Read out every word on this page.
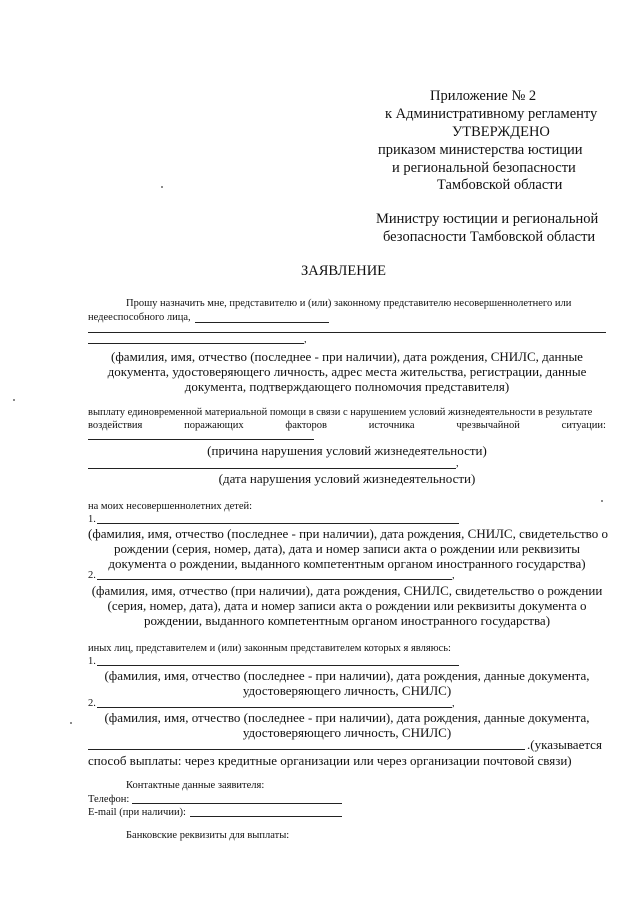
Приложение № 2
к Административному регламенту
УТВЕРЖДЕНО
приказом министерства юстиции
и региональной безопасности
Тамбовской области
Министру юстиции и региональной
безопасности Тамбовской области
ЗАЯВЛЕНИЕ
Прошу назначить мне, представителю и (или) законному представителю несовершеннолетнего или
недееспособного лица,
,
(фамилия, имя, отчество (последнее - при наличии), дата рождения, СНИЛС, данные
документа, удостоверяющего личность, адрес места жительства, регистрации, данные
документа, подтверждающего полномочия представителя)
выплату единовременной материальной помощи в связи с нарушением условий жизнедеятельности в результате
воздействия	поражающих	факторов	источника	чрезвычайной	ситуации:
(причина нарушения условий жизнедеятельности)
,
(дата нарушения условий жизнедеятельности)
на моих несовершеннолетних детей:
1.
(фамилия, имя, отчество (последнее - при наличии), дата рождения, СНИЛС, свидетельство о
рождении (серия, номер, дата), дата и номер записи акта о рождении или реквизиты
документа о рождении, выданного компетентным органом иностранного государства)
2.	,
(фамилия, имя, отчество (при наличии), дата рождения, СНИЛС, свидетельство о рождении
(серия, номер, дата), дата и номер записи акта о рождении или реквизиты документа о
рождении, выданного компетентным органом иностранного государства)
иных лиц, представителем и (или) законным представителем которых я являюсь:
1.
(фамилия, имя, отчество (последнее - при наличии), дата рождения, данные документа,
удостоверяющего личность, СНИЛС)
2.	,
(фамилия, имя, отчество (последнее - при наличии), дата рождения, данные документа,
удостоверяющего личность, СНИЛС)
.(указывается
способ выплаты: через кредитные организации или через организации почтовой связи)
Контактные данные заявителя:
Телефон:
E-mail (при наличии):
Банковские реквизиты для выплаты:
